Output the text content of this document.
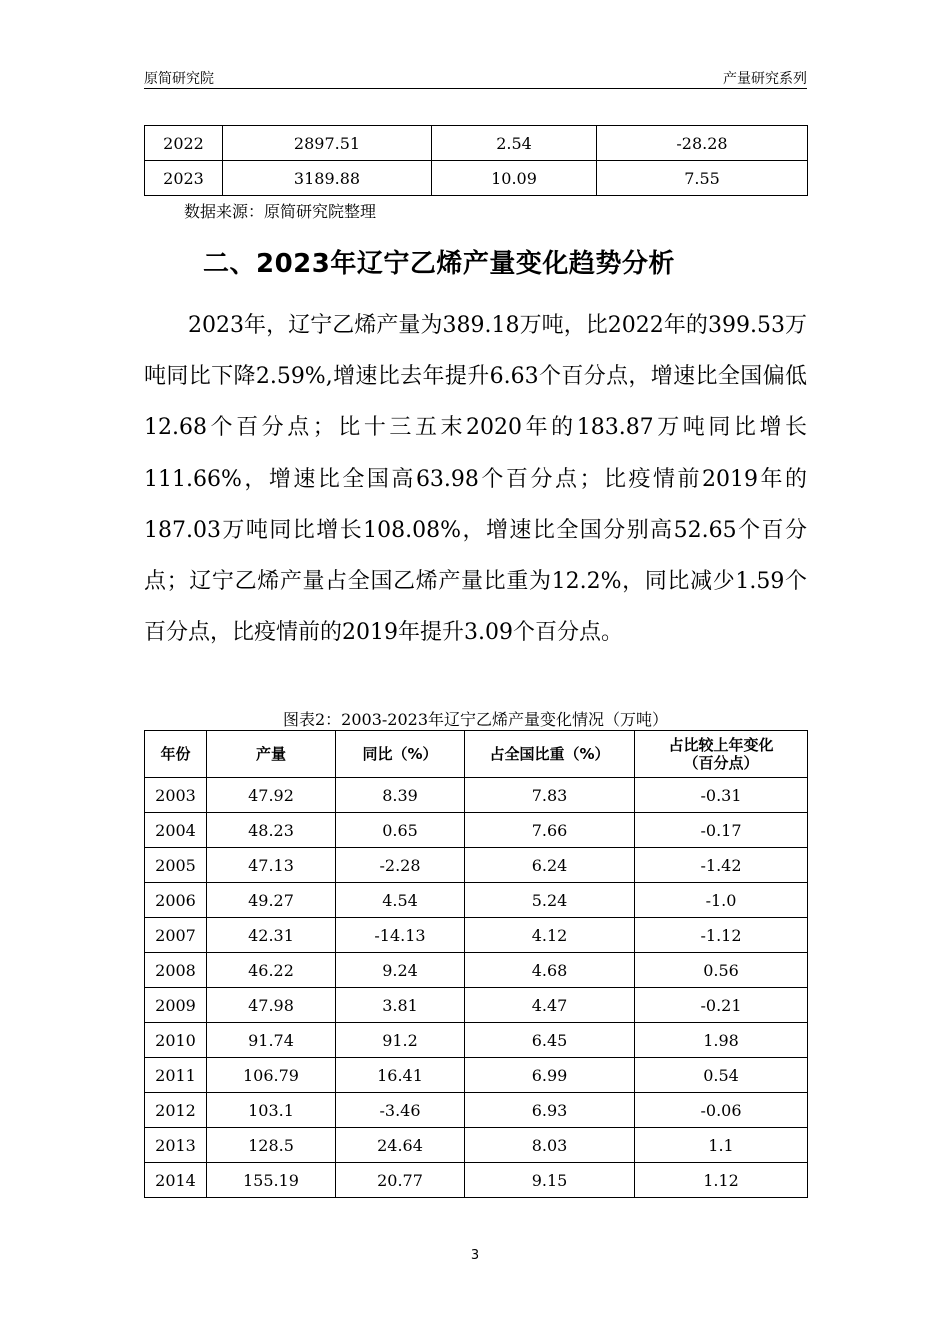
原简研究院	产量研究系列
2022	2897.51	2.54	-28.28
2023	3189.88	10.09	7.55
数据来源：原简研究院整理
二、2023年辽宁乙烯产量变化趋势分析
2023年，辽宁乙烯产量为389.18万吨，比2022年的399.53万吨同比下降2.59%,增速比去年提升6.63个百分点，增速比全国偏低12.68个百分点；比十三五末2020年的183.87万吨同比增长111.66%，增速比全国高63.98个百分点；比疫情前2019年的187.03万吨同比增长108.08%，增速比全国分别高52.65个百分点；辽宁乙烯产量占全国乙烯产量比重为12.2%，同比减少1.59个百分点，比疫情前的2019年提升3.09个百分点。
图表2：2003-2023年辽宁乙烯产量变化情况（万吨）
年份	产量	同比（%）	占全国比重（%）	占比较上年变化
（百分点）
2003	47.92	8.39	7.83	-0.31
2004	48.23	0.65	7.66	-0.17
2005	47.13	-2.28	6.24	-1.42
2006	49.27	4.54	5.24	-1.0
2007	42.31	-14.13	4.12	-1.12
2008	46.22	9.24	4.68	0.56
2009	47.98	3.81	4.47	-0.21
2010	91.74	91.2	6.45	1.98
2011	106.79	16.41	6.99	0.54
2012	103.1	-3.46	6.93	-0.06
2013	128.5	24.64	8.03	1.1
2014	155.19	20.77	9.15	1.12
3
